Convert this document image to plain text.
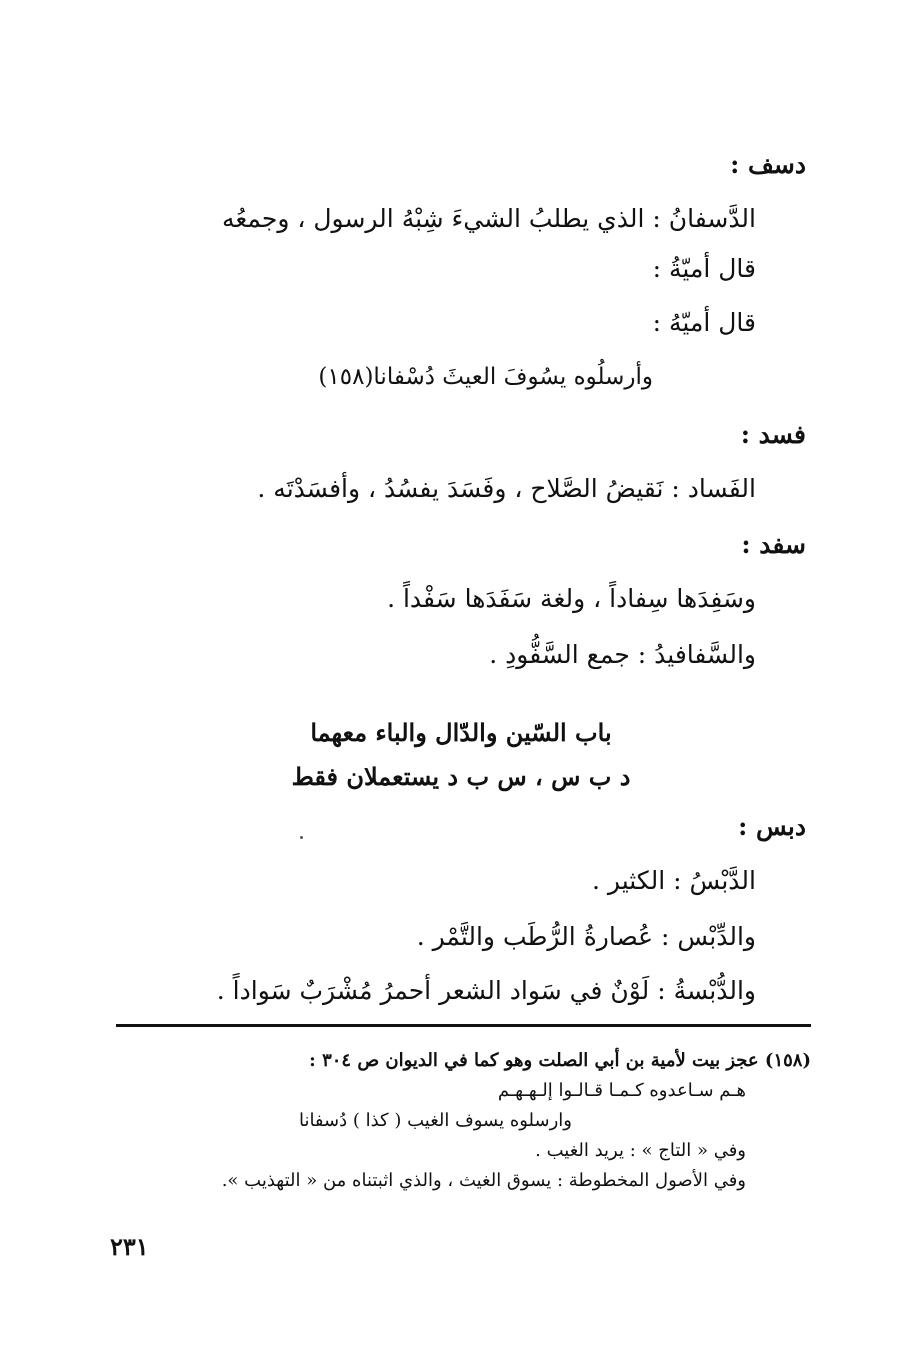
دسف :
الدَّسفانُ : الذي يطلبُ الشيءَ شِبْهُ الرسول ، وجمعُه
قال أميّةُ :
قال أميّهُ :
وأرسلُوه يسُوفَ العيثَ دُسْفانا(١٥٨)
فسد :
الفَساد : نَقيضُ الصَّلاح ، وفَسَدَ يفسُدُ ، وأفسَدْتَه .
سفد :
وسَفِدَها سِفاداً ، ولغة سَفَدَها سَفْداً .
والسَّفافيدُ : جمع السَّفُّودِ .
باب السّين والدّال والباء معهما
د ب س ، س ب د يستعملان فقط
دبس :
الدَّبْسُ : الكثير .
والدِّبْس : عُصارةُ الرُّطَب والتَّمْر .
والدُّبْسةُ : لَوْنٌ في سَواد الشعر أحمرُ مُشْرَبٌ سَواداً .
(١٥٨) عجز بيت لأمية بن أبي الصلت وهو كما في الديوان ص ٣٠٤ :
هـم سـاعدوه كـمـا قـالـوا إلـهـهـم
وارسلوه يسوف الغيب ( كذا ) دُسفانا
وفي « التاج » : يريد الغيب .
وفي الأصول المخطوطة : يسوق الغيث ، والذي اثبتناه من « التهذيب ».
٢٣١
